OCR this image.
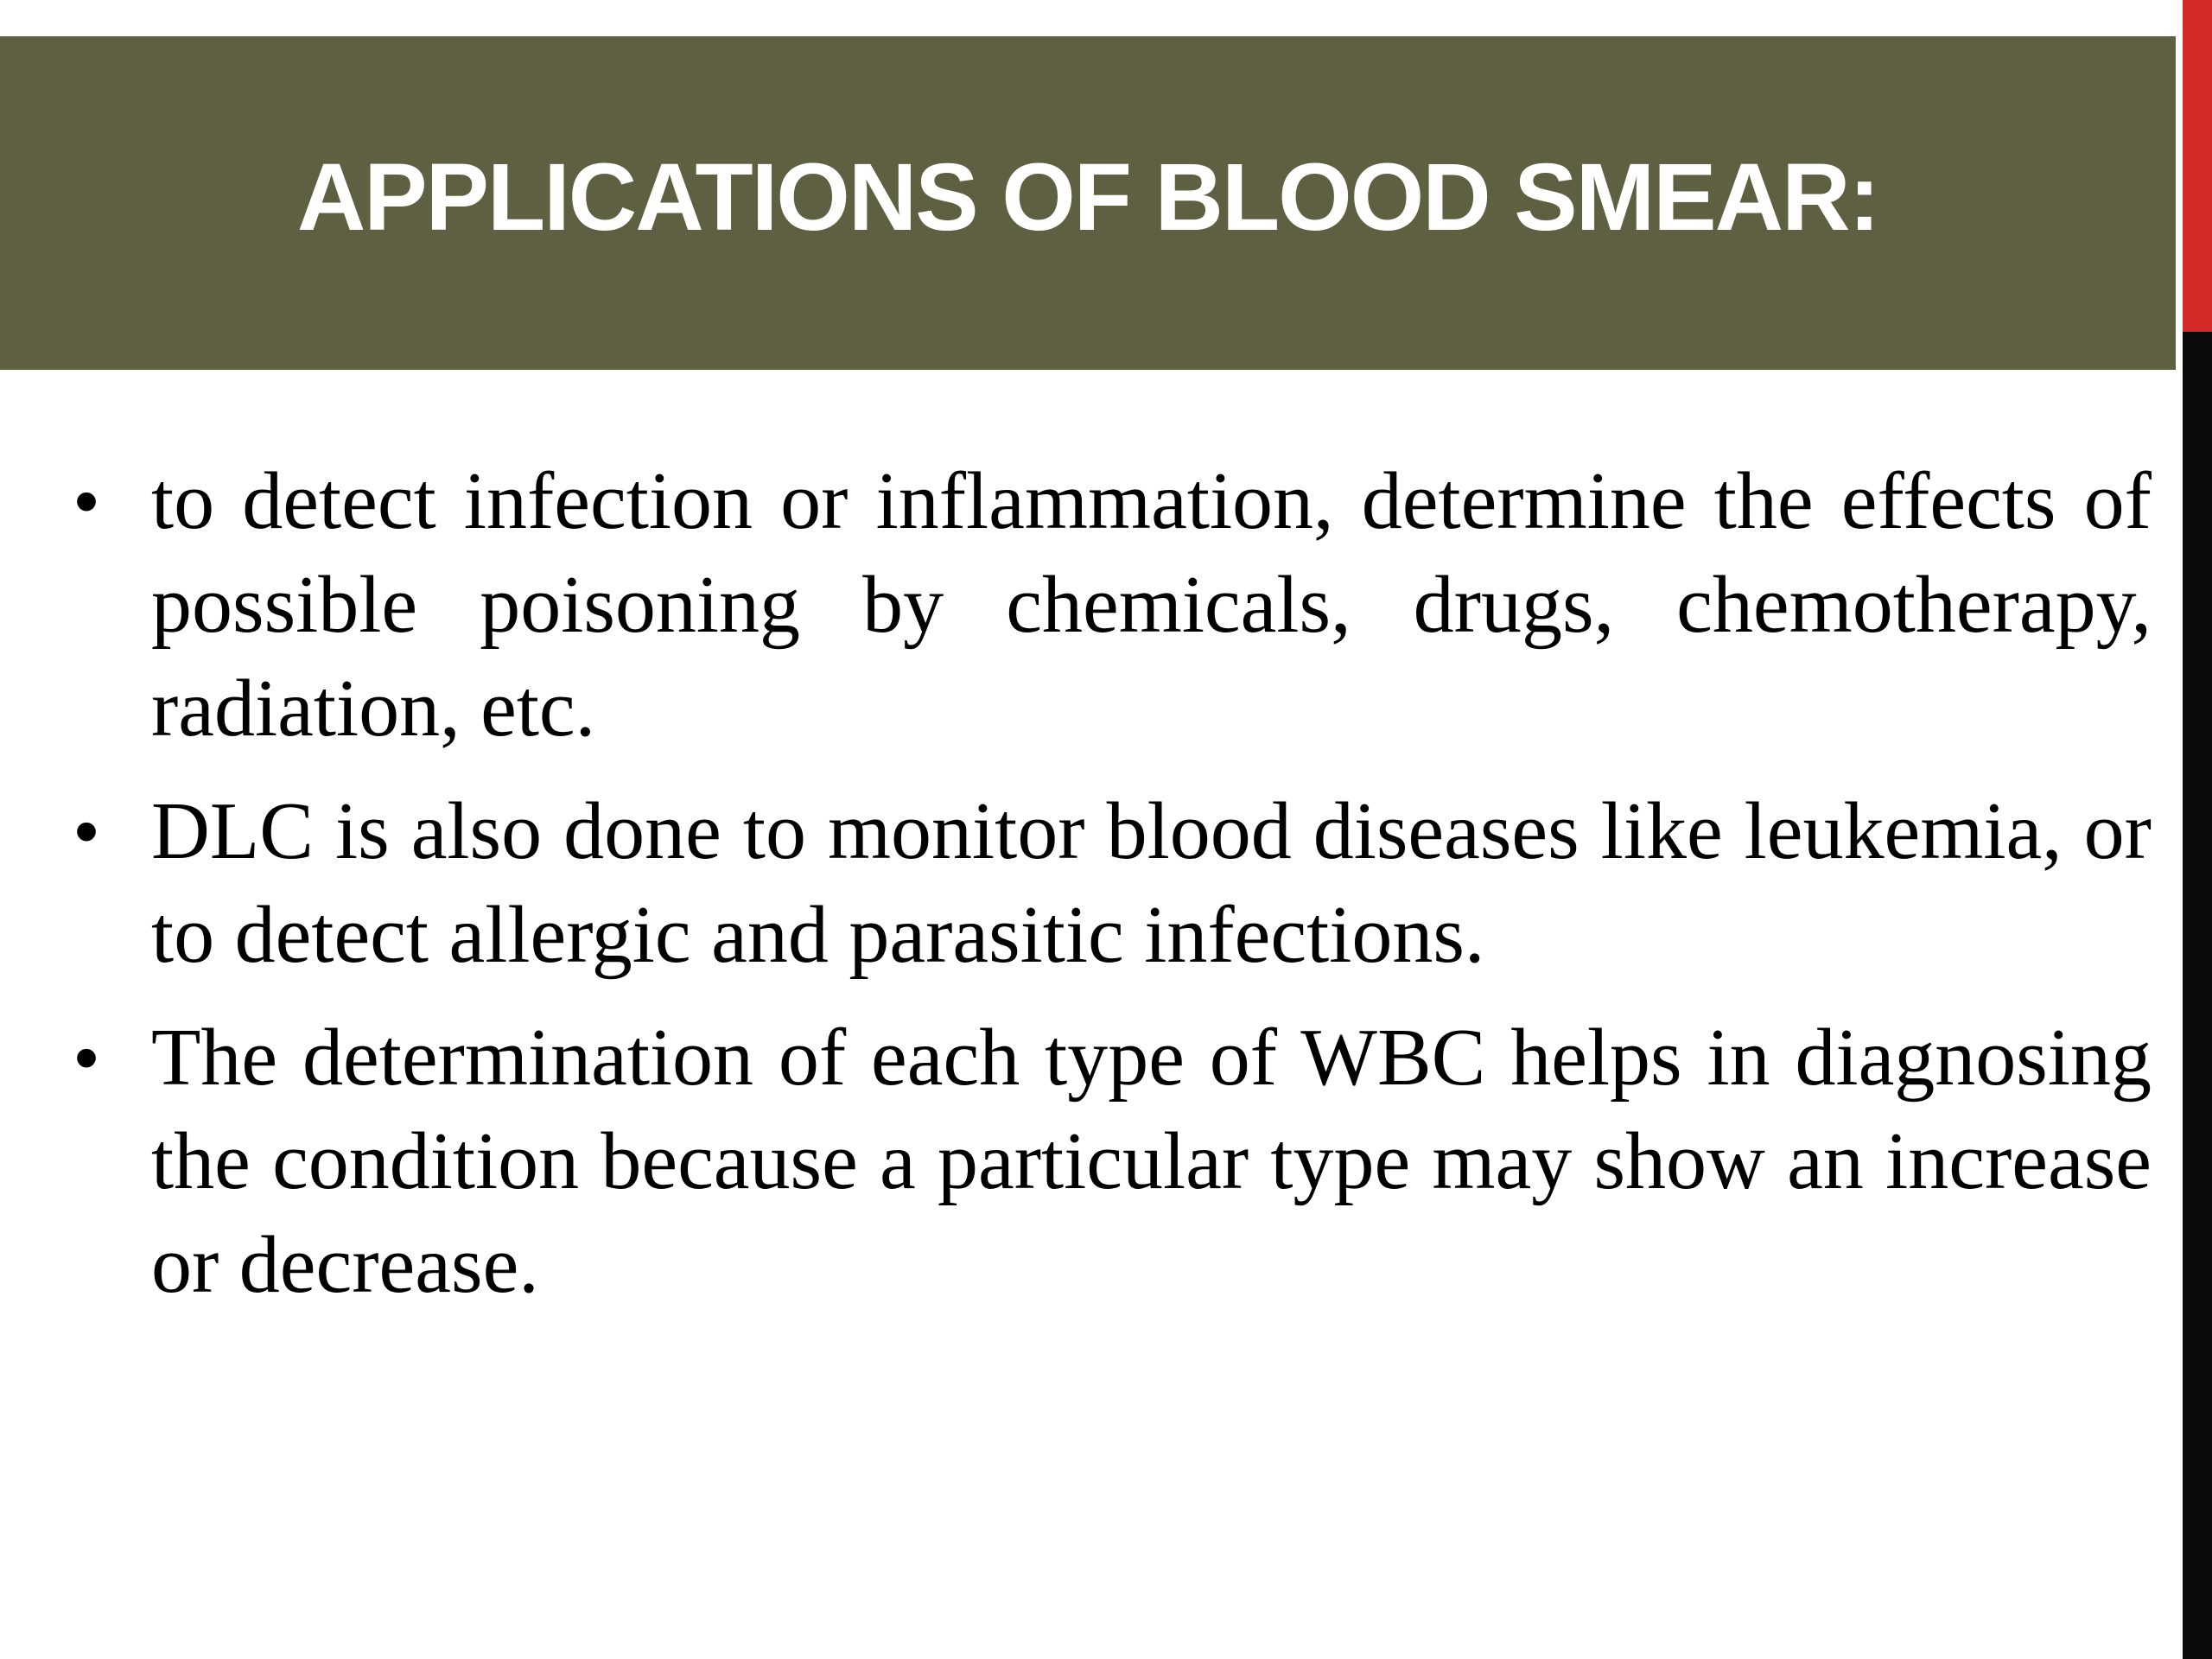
APPLICATIONS OF BLOOD SMEAR:
• to detect infection or inflammation, determine the effects of possible poisoning by chemicals, drugs, chemotherapy, radiation, etc.
• DLC is also done to monitor blood diseases like leukemia, or to detect allergic and parasitic infections.
• The determination of each type of WBC helps in diagnosing the condition because a particular type may show an increase or decrease.
